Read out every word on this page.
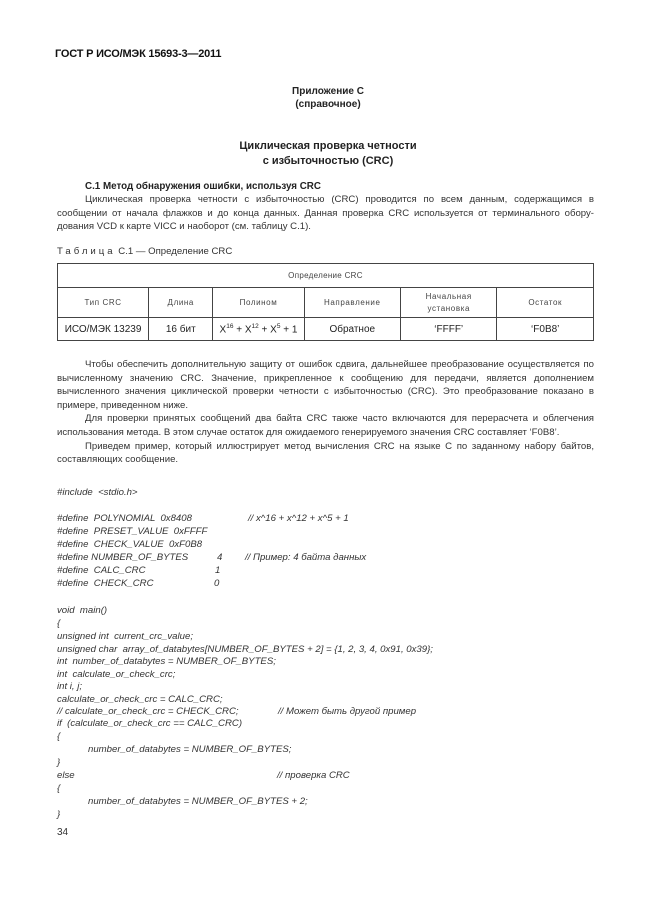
ГОСТ Р ИСО/МЭК 15693-3—2011
Приложение С
(справочное)
Циклическая проверка четности
с избыточностью (CRC)
С.1 Метод обнаружения ошибки, используя CRC

Циклическая проверка четности с избыточностью (CRC) проводится по всем данным, содержащимся в сообщении от начала флажков и до конца данных. Данная проверка CRC используется от терминального обору-дования VCD к карте VICC и наоборот (см. таблицу С.1).

Таблица С.1 — Определение CRC
Определение CRC					
Тип CRC	Длина	Полином	Направление	Начальная установка	Остаток
ИСО/МЭК 13239	16 бит	$X^{16} + X^{12} + X^5 + 1$	Обратное	‘FFFF’	‘F0B8’

Чтобы обеспечить дополнительную защиту от ошибок сдвига, дальнейшее преобразование осуществляется по вычисленному значению CRC. Значение, прикрепленное к сообщению для передачи, является дополнением вычисленного значения циклической проверки четности с избыточностью (CRC). Это преобразование показано в примере, приведенном ниже.

Для проверки принятых сообщений два байта CRC также часто включаются для перерасчета и облегчения использования метода. В этом случае остаток для ожидаемого генерируемого значения CRC составляет ‘F0B8’.

Приведем пример, который иллюстрирует метод вычисления CRC на языке С по заданному набору байтов, составляющих сообщение.

#include  <stdio.h>

#define  POLYNOMIAL  0x8408

	// x^16 + x^12 + x^5 + 1

#define  PRESET_VALUE  0xFFFF

#define  CHECK_VALUE  0xF0B8

#define NUMBER_OF_BYTES

	4

// Пример: 4 байта данных

#define  CALC_CRC

	1

#define  CHECK_CRC

	0

void  main()

{

unsigned int  current_crc_value;

unsigned char  array_of_databytes[NUMBER_OF_BYTES + 2] = {1, 2, 3, 4, 0x91, 0x39};

int  number_of_databytes = NUMBER_OF_BYTES;

int  calculate_or_check_crc;

int i, j;

calculate_or_check_crc = CALC_CRC;

// calculate_or_check_crc = CHECK_CRC;

	// Может быть другой пример

if  (calculate_or_check_crc == CALC_CRC)

{

number_of_databytes = NUMBER_OF_BYTES;

}

else

	// проверка CRC

{

number_of_databytes = NUMBER_OF_BYTES + 2;

}

34
